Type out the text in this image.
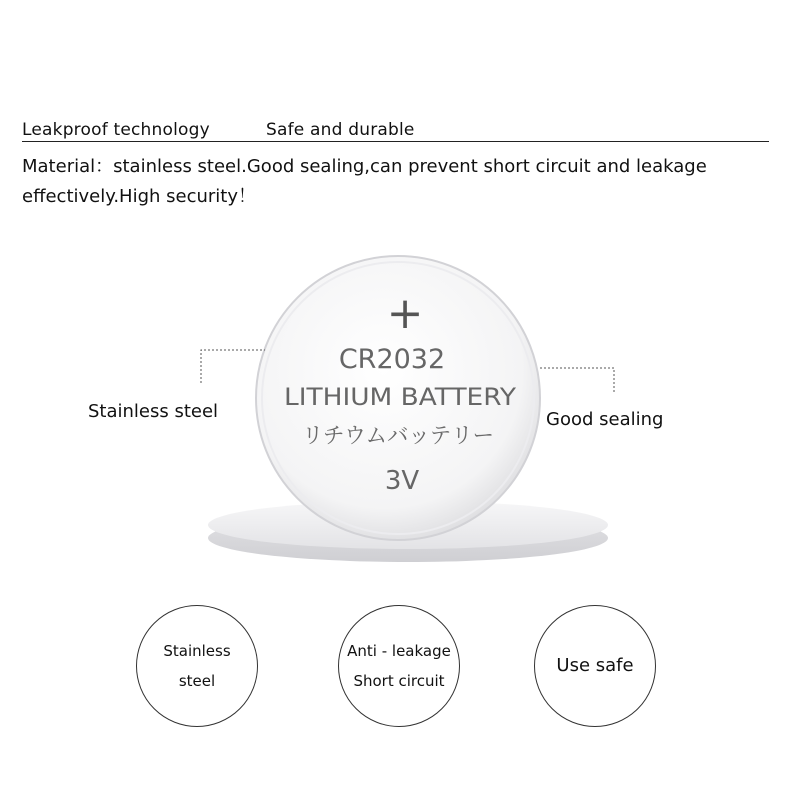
Leakproof technology	Safe and durable
Material：stainless steel.Good sealing,can prevent short circuit and leakage effectively.High security！
+
CR2032
LITHIUM BATTERY
リチウムバッテリー
3V
Stainless steel	Good sealing
Stainless
steel
Anti - leakage
Short circuit
Use safe
